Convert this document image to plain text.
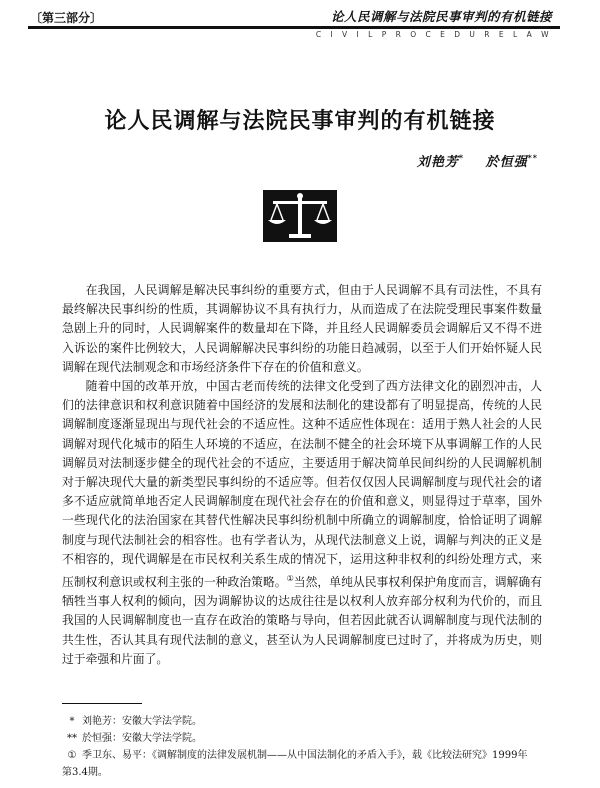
〔第三部分〕	论人民调解与法院民事审判的有机链接
C I V I L P R O C E D U R E L A W
论人民调解与法院民事审判的有机链接
刘艳芳* 於恒强**

在我国，人民调解是解决民事纠纷的重要方式，但由于人民调解不具有司法性，不具有最终解决民事纠纷的性质，其调解协议不具有执行力，从而造成了在法院受理民事案件数量急剧上升的同时，人民调解案件的数量却在下降，并且经人民调解委员会调解后又不得不进入诉讼的案件比例较大，人民调解解决民事纠纷的功能日趋减弱，以至于人们开始怀疑人民调解在现代法制观念和市场经济条件下存在的价值和意义。

随着中国的改革开放，中国古老而传统的法律文化受到了西方法律文化的剧烈冲击，人们的法律意识和权利意识随着中国经济的发展和法制化的建设都有了明显提高，传统的人民调解制度逐渐显现出与现代社会的不适应性。这种不适应性体现在：适用于熟人社会的人民调解对现代化城市的陌生人环境的不适应，在法制不健全的社会环境下从事调解工作的人民调解员对法制逐步健全的现代社会的不适应，主要适用于解决简单民间纠纷的人民调解机制对于解决现代大量的新类型民事纠纷的不适应等。但若仅仅因人民调解制度与现代社会的诸多不适应就简单地否定人民调解制度在现代社会存在的价值和意义，则显得过于草率，国外一些现代化的法治国家在其替代性解决民事纠纷机制中所确立的调解制度，恰恰证明了调解制度与现代法制社会的相容性。也有学者认为，从现代法制意义上说，调解与判决的正义是不相容的，现代调解是在市民权利关系生成的情况下，运用这种非权利的纠纷处理方式，来压制权利意识或权利主张的一种政治策略。①当然，单纯从民事权利保护角度而言，调解确有牺牲当事人权利的倾向，因为调解协议的达成往往是以权利人放弃部分权利为代价的，而且我国的人民调解制度也一直存在政治的策略与导向，但若因此就否认调解制度与现代法制的共生性，否认其具有现代法制的意义，甚至认为人民调解制度已过时了，并将成为历史，则过于牵强和片面了。

* 刘艳芳：安徽大学法学院。
** 於恒强：安徽大学法学院。
① 季卫东、易平：《调解制度的法律发展机制——从中国法制化的矛盾入手》，载《比较法研究》1999年
第3.4期。
